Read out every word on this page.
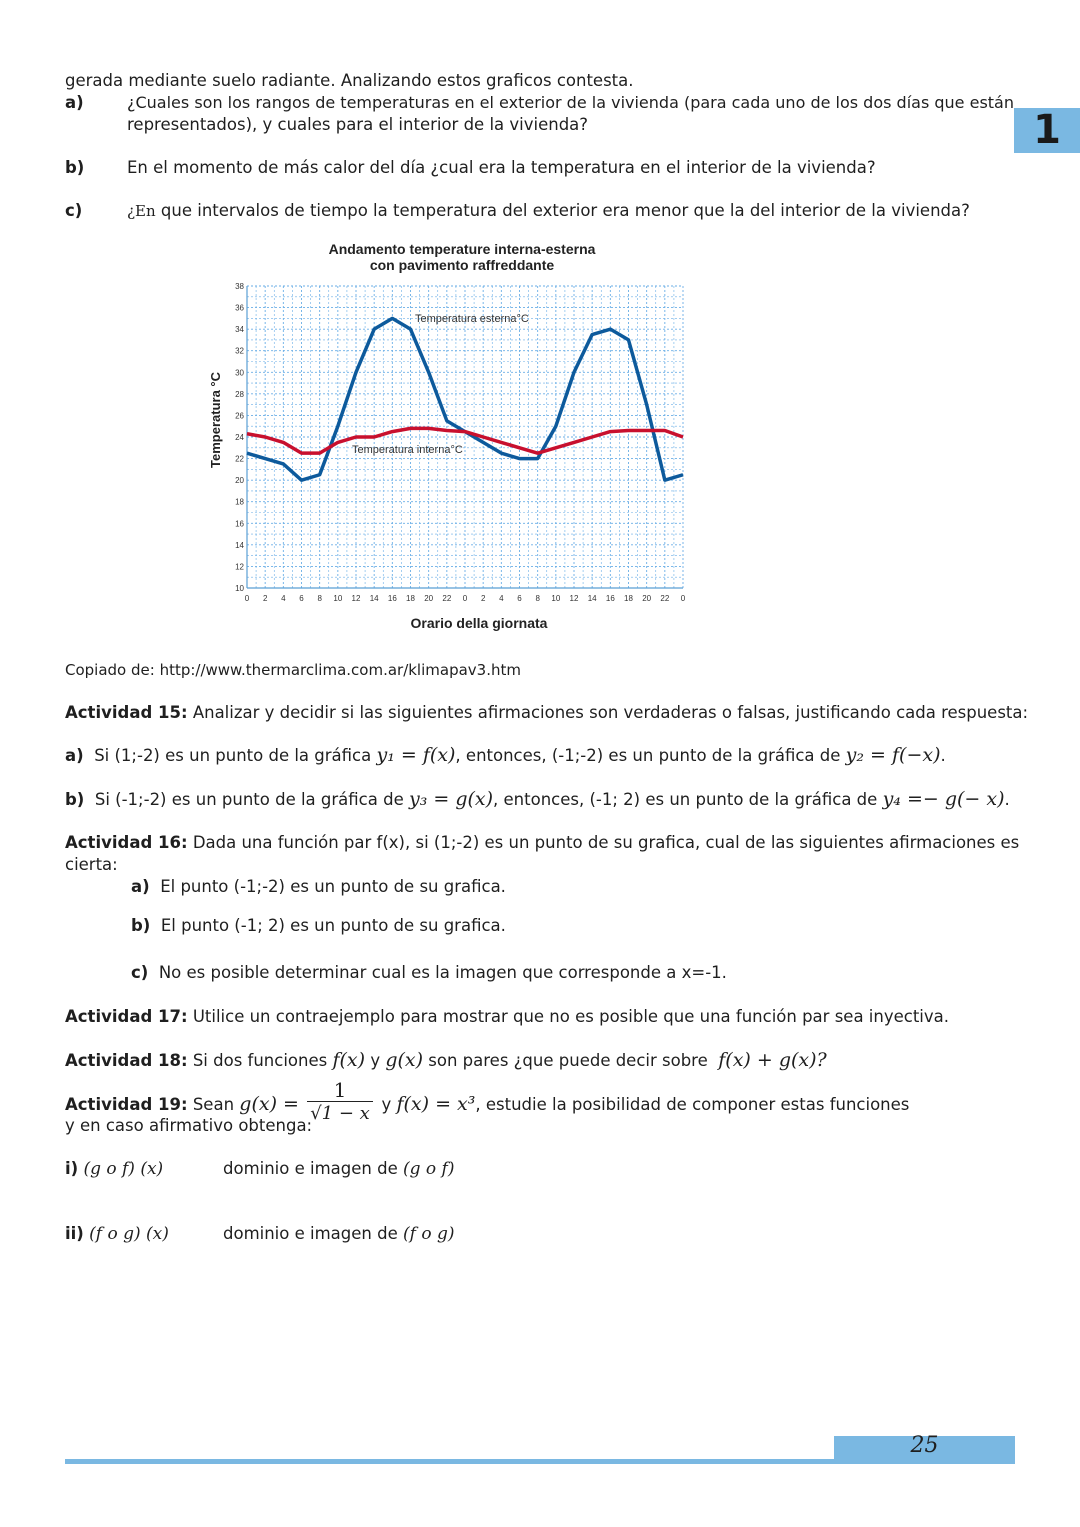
1
gerada mediante suelo radiante. Analizando estos graficos contesta.
a)	¿Cuales son los rangos de temperaturas en el exterior de la vivienda (para cada uno de los dos días que están
representados), y cuales para el interior de la vivienda?
b)	En el momento de más calor del día ¿cual era la temperatura en el interior de la vivienda?
c)	¿En que intervalos de tiempo la temperatura del exterior era menor que la del interior de la vivienda?
Andamento temperature interna-esterna
con pavimento raffreddante
10
12
14
16
18
20
22
24
26
28
30
32
34
36
38
0 2 4 6 8 10 12 14 16 18 20 22 0 2 4 6 8 10 12 14 16 18 20 22 0
Orario della giornata
Temperatura °C
Temperatura esterna°C
Temperatura interna°C
Copiado de: http://www.thermarclima.com.ar/klimapav3.htm
Actividad 15: Analizar y decidir si las siguientes afirmaciones son verdaderas o falsas, justificando cada respuesta:
a) Si (1;-2) es un punto de la gráfica y₁ = f(x), entonces, (-1;-2) es un punto de la gráfica de y₂ = f(−x).
b) Si (-1;-2) es un punto de la gráfica de y₃ = g(x), entonces, (-1; 2) es un punto de la gráfica de y₄ =− g(− x).
Actividad 16: Dada una función par f(x), si (1;-2) es un punto de su grafica, cual de las siguientes afirmaciones es
cierta:
a) El punto (-1;-2) es un punto de su grafica.
b) El punto (-1; 2) es un punto de su grafica.
c) No es posible determinar cual es la imagen que corresponde a x=-1.
Actividad 17: Utilice un contraejemplo para mostrar que no es posible que una función par sea inyectiva.
Actividad 18: Si dos funciones f(x) y g(x) son pares ¿que puede decir sobre f(x) + g(x)?
Actividad 19: Sean g(x) =	y f(x) = x³, estudie la posibilidad de componer estas funciones
$\frac{1}{√1 - x}$
y en caso afirmativo obtenga:
i) (g o f) (x)	dominio e imagen de (g o f)
ii) (f o g) (x)	dominio e imagen de (f o g)
25
